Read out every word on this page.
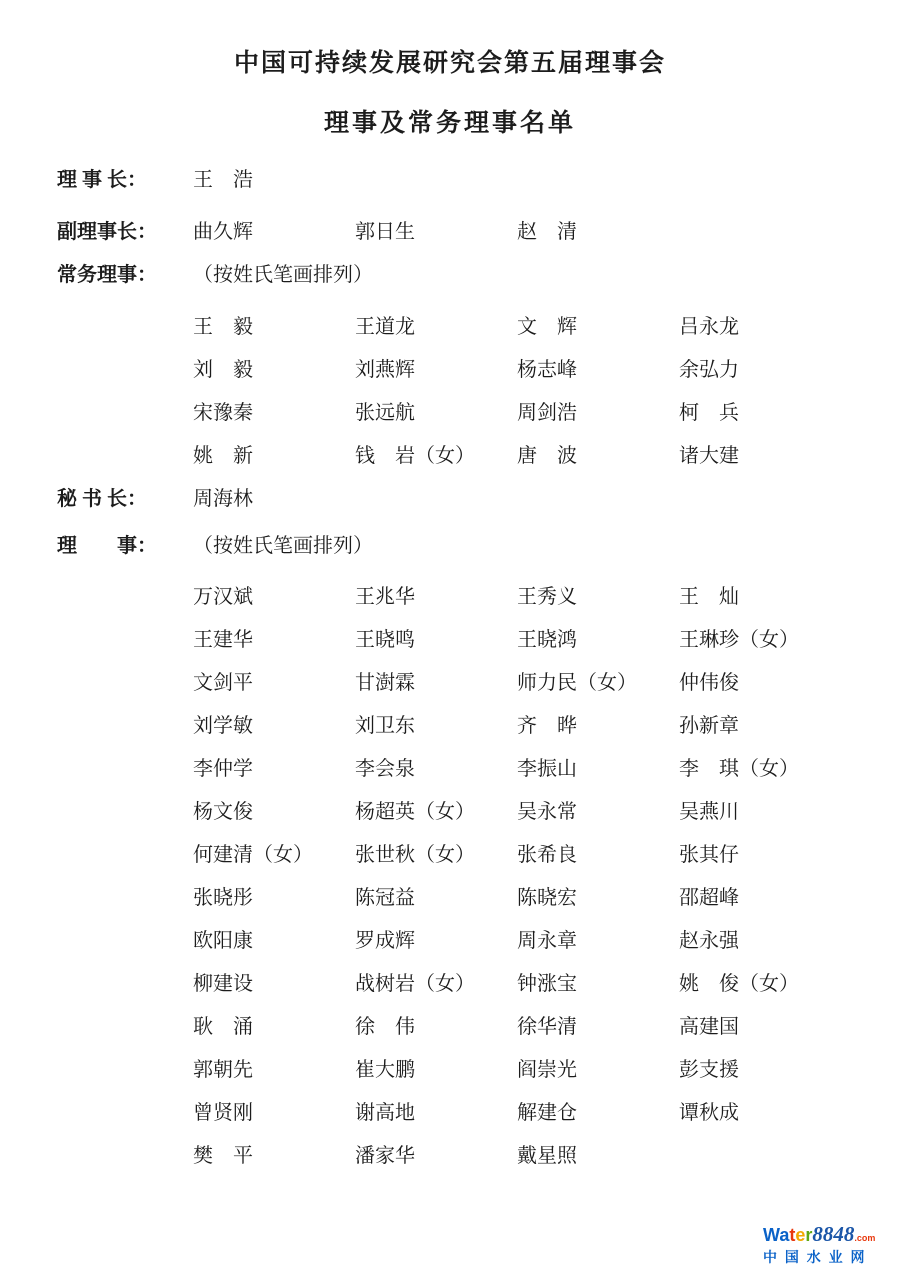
中国可持续发展研究会第五届理事会
理事及常务理事名单
理 事 长：	王　浩
副理事长：	曲久辉	郭日生	赵　清
常务理事：	（按姓氏笔画排列）
王　毅	王道龙	文　辉	吕永龙
刘　毅	刘燕辉	杨志峰	余弘力
宋豫秦	张远航	周剑浩	柯　兵
姚　新	钱　岩（女）	唐　波	诸大建
秘 书 长：	周海林
理　　事：	（按姓氏笔画排列）
万汉斌	王兆华	王秀义	王　灿
王建华	王晓鸣	王晓鸿	王琳珍（女）
文剑平	甘澍霖	师力民（女）	仲伟俊
刘学敏	刘卫东	齐　晔	孙新章
李仲学	李会泉	李振山	李　琪（女）
杨文俊	杨超英（女）	吴永常	吴燕川
何建清（女）	张世秋（女）	张希良	张其仔
张晓彤	陈冠益	陈晓宏	邵超峰
欧阳康	罗成辉	周永章	赵永强
柳建设	战树岩（女）	钟涨宝	姚　俊（女）
耿　涌	徐　伟	徐华清	高建国
郭朝先	崔大鹏	阎崇光	彭支援
曾贤刚	谢高地	解建仓	谭秋成
樊　平	潘家华	戴星照
Water8848.com
中 国 水 业 网
